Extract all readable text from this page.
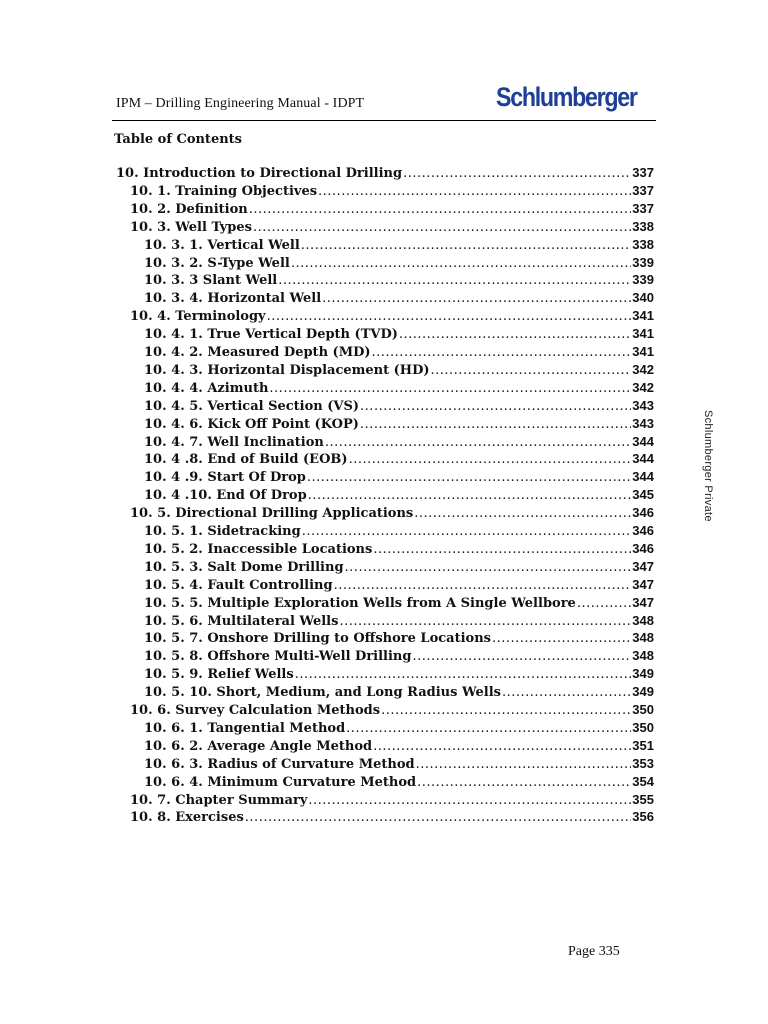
IPM – Drilling Engineering Manual - IDPT	Schlumberger
Table of Contents
10. Introduction to Directional Drilling .....	337
10. 1. Training Objectives .....	337
10. 2. Definition .....	337
10. 3. Well Types .....	338
10. 3. 1. Vertical Well .....	338
10. 3. 2. S-Type Well .....	339
10. 3. 3 Slant Well .....	339
10. 3. 4. Horizontal Well .....	340
10. 4. Terminology .....	341
10. 4. 1. True Vertical Depth (TVD) .....	341
10. 4. 2. Measured Depth (MD) .....	341
10. 4. 3. Horizontal Displacement (HD) .....	342
10. 4. 4. Azimuth .....	342
10. 4. 5. Vertical Section (VS) .....	343
10. 4. 6. Kick Off Point (KOP) .....	343
10. 4. 7. Well Inclination .....	344
10. 4 .8. End of Build (EOB) .....	344
10. 4 .9. Start Of Drop .....	344
10. 4 .10. End Of Drop .....	345
10. 5. Directional Drilling Applications .....	346
10. 5. 1. Sidetracking .....	346
10. 5. 2. Inaccessible Locations .....	346
10. 5. 3. Salt Dome Drilling .....	347
10. 5. 4. Fault Controlling .....	347
10. 5. 5. Multiple Exploration Wells from A Single Wellbore .....	347
10. 5. 6. Multilateral Wells .....	348
10. 5. 7. Onshore Drilling to Offshore Locations .....	348
10. 5. 8. Offshore Multi-Well Drilling .....	348
10. 5. 9. Relief Wells .....	349
10. 5. 10. Short, Medium, and Long Radius Wells .....	349
10. 6. Survey Calculation Methods .....	350
10. 6. 1. Tangential Method .....	350
10. 6. 2. Average Angle Method .....	351
10. 6. 3. Radius of Curvature Method .....	353
10. 6. 4. Minimum Curvature Method .....	354
10. 7. Chapter Summary .....	355
10. 8. Exercises .....	356
Schlumberger Private
Page 335
